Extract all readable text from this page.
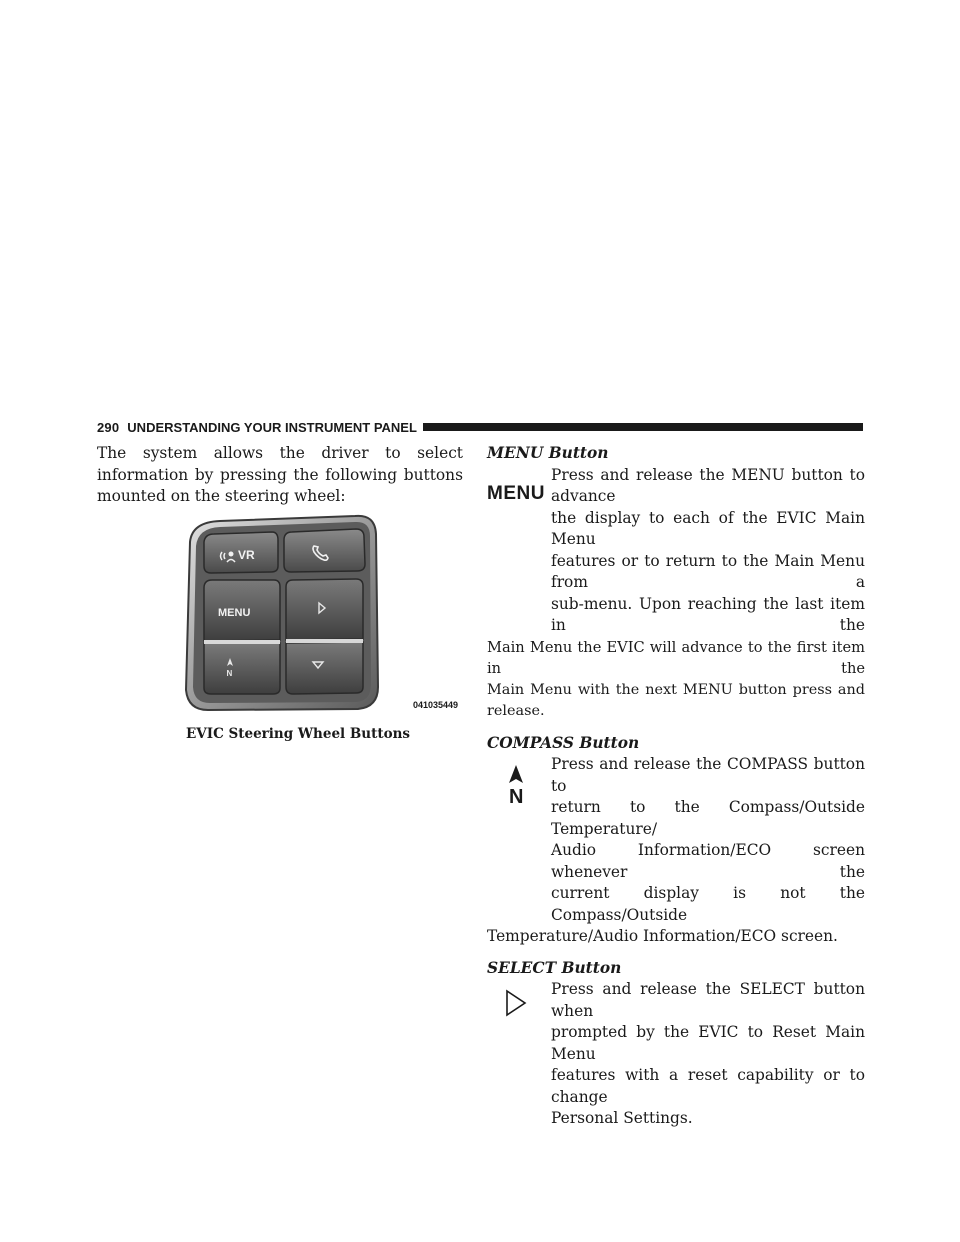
290 UNDERSTANDING YOUR INSTRUMENT PANEL

The system allows the driver to select information by pressing the following buttons mounted on the steering wheel:

VR
MENU
N
041035449
EVIC Steering Wheel Buttons

MENU Button

MENU

Press and release the MENU button to advance

the display to each of the EVIC Main Menu

features or to return to the Main Menu from a

sub-menu. Upon reaching the last item in the

Main Menu the EVIC will advance to the first item in the

Main Menu with the next MENU button press and release.

COMPASS Button

N

Press and release the COMPASS button to

return to the Compass/Outside Temperature/

Audio Information/ECO screen whenever the

current display is not the Compass/Outside

Temperature/Audio Information/ECO screen.

SELECT Button

Press and release the SELECT button when

prompted by the EVIC to Reset Main Menu

features with a reset capability or to change

Personal Settings.
